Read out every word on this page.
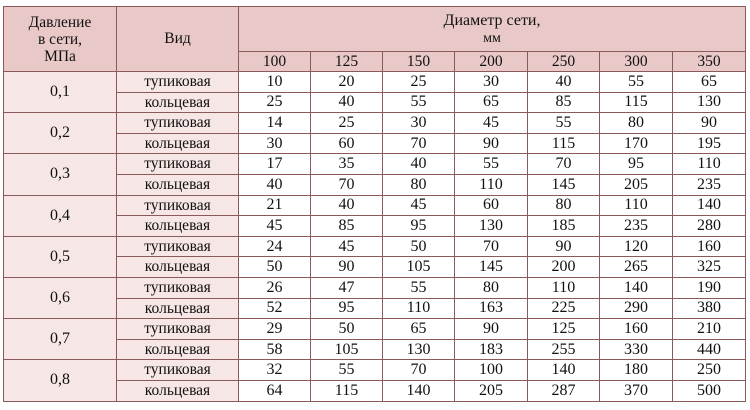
Давление
в сети,
МПа	Вид	Диаметр сети,
мм						
		100	125	150	200	250	300	350
0,1	тупиковая	10	20	25	30	40	55	65
	кольцевая	25	40	55	65	85	115	130
0,2	тупиковая	14	25	30	45	55	80	90
	кольцевая	30	60	70	90	115	170	195
0,3	тупиковая	17	35	40	55	70	95	110
	кольцевая	40	70	80	110	145	205	235
0,4	тупиковая	21	40	45	60	80	110	140
	кольцевая	45	85	95	130	185	235	280
0,5	тупиковая	24	45	50	70	90	120	160
	кольцевая	50	90	105	145	200	265	325
0,6	тупиковая	26	47	55	80	110	140	190
	кольцевая	52	95	110	163	225	290	380
0,7	тупиковая	29	50	65	90	125	160	210
	кольцевая	58	105	130	183	255	330	440
0,8	тупиковая	32	55	70	100	140	180	250
	кольцевая	64	115	140	205	287	370	500
